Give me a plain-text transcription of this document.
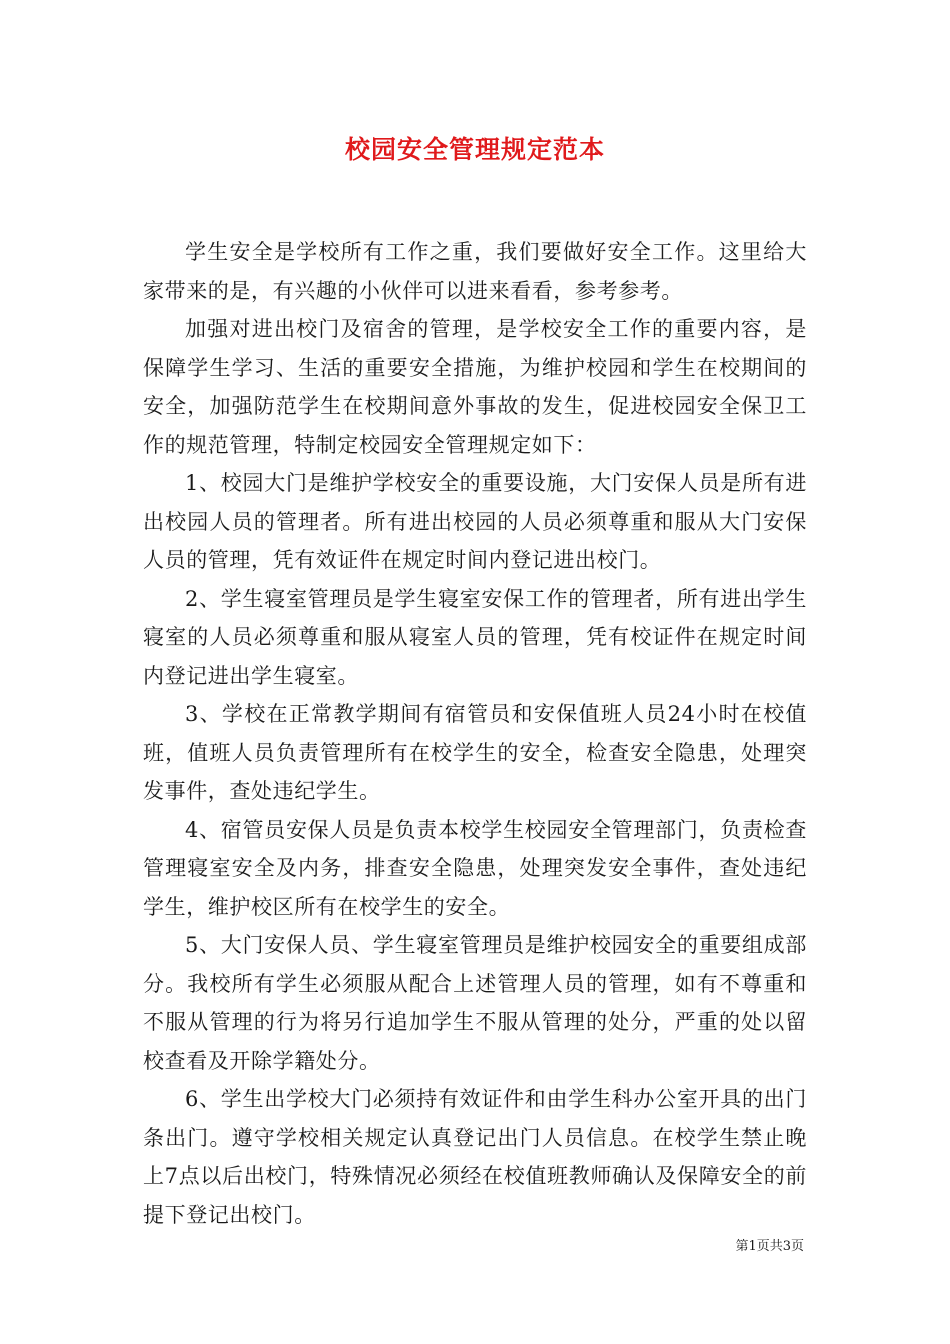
校园安全管理规定范本

学生安全是学校所有工作之重，我们要做好安全工作。这里给大家带来的是，有兴趣的小伙伴可以进来看看，参考参考。

加强对进出校门及宿舍的管理，是学校安全工作的重要内容，是保障学生学习、生活的重要安全措施，为维护校园和学生在校期间的安全，加强防范学生在校期间意外事故的发生，促进校园安全保卫工作的规范管理，特制定校园安全管理规定如下：

1、校园大门是维护学校安全的重要设施，大门安保人员是所有进出校园人员的管理者。所有进出校园的人员必须尊重和服从大门安保人员的管理，凭有效证件在规定时间内登记进出校门。

2、学生寝室管理员是学生寝室安保工作的管理者，所有进出学生寝室的人员必须尊重和服从寝室人员的管理，凭有校证件在规定时间内登记进出学生寝室。

3、学校在正常教学期间有宿管员和安保值班人员24小时在校值班，值班人员负责管理所有在校学生的安全，检查安全隐患，处理突发事件，查处违纪学生。

4、宿管员安保人员是负责本校学生校园安全管理部门，负责检查管理寝室安全及内务，排查安全隐患，处理突发安全事件，查处违纪学生，维护校区所有在校学生的安全。

5、大门安保人员、学生寝室管理员是维护校园安全的重要组成部分。我校所有学生必须服从配合上述管理人员的管理，如有不尊重和不服从管理的行为将另行追加学生不服从管理的处分，严重的处以留校查看及开除学籍处分。

6、学生出学校大门必须持有效证件和由学生科办公室开具的出门条出门。遵守学校相关规定认真登记出门人员信息。在校学生禁止晚上7点以后出校门，特殊情况必须经在校值班教师确认及保障安全的前提下登记出校门。

第1页共3页
